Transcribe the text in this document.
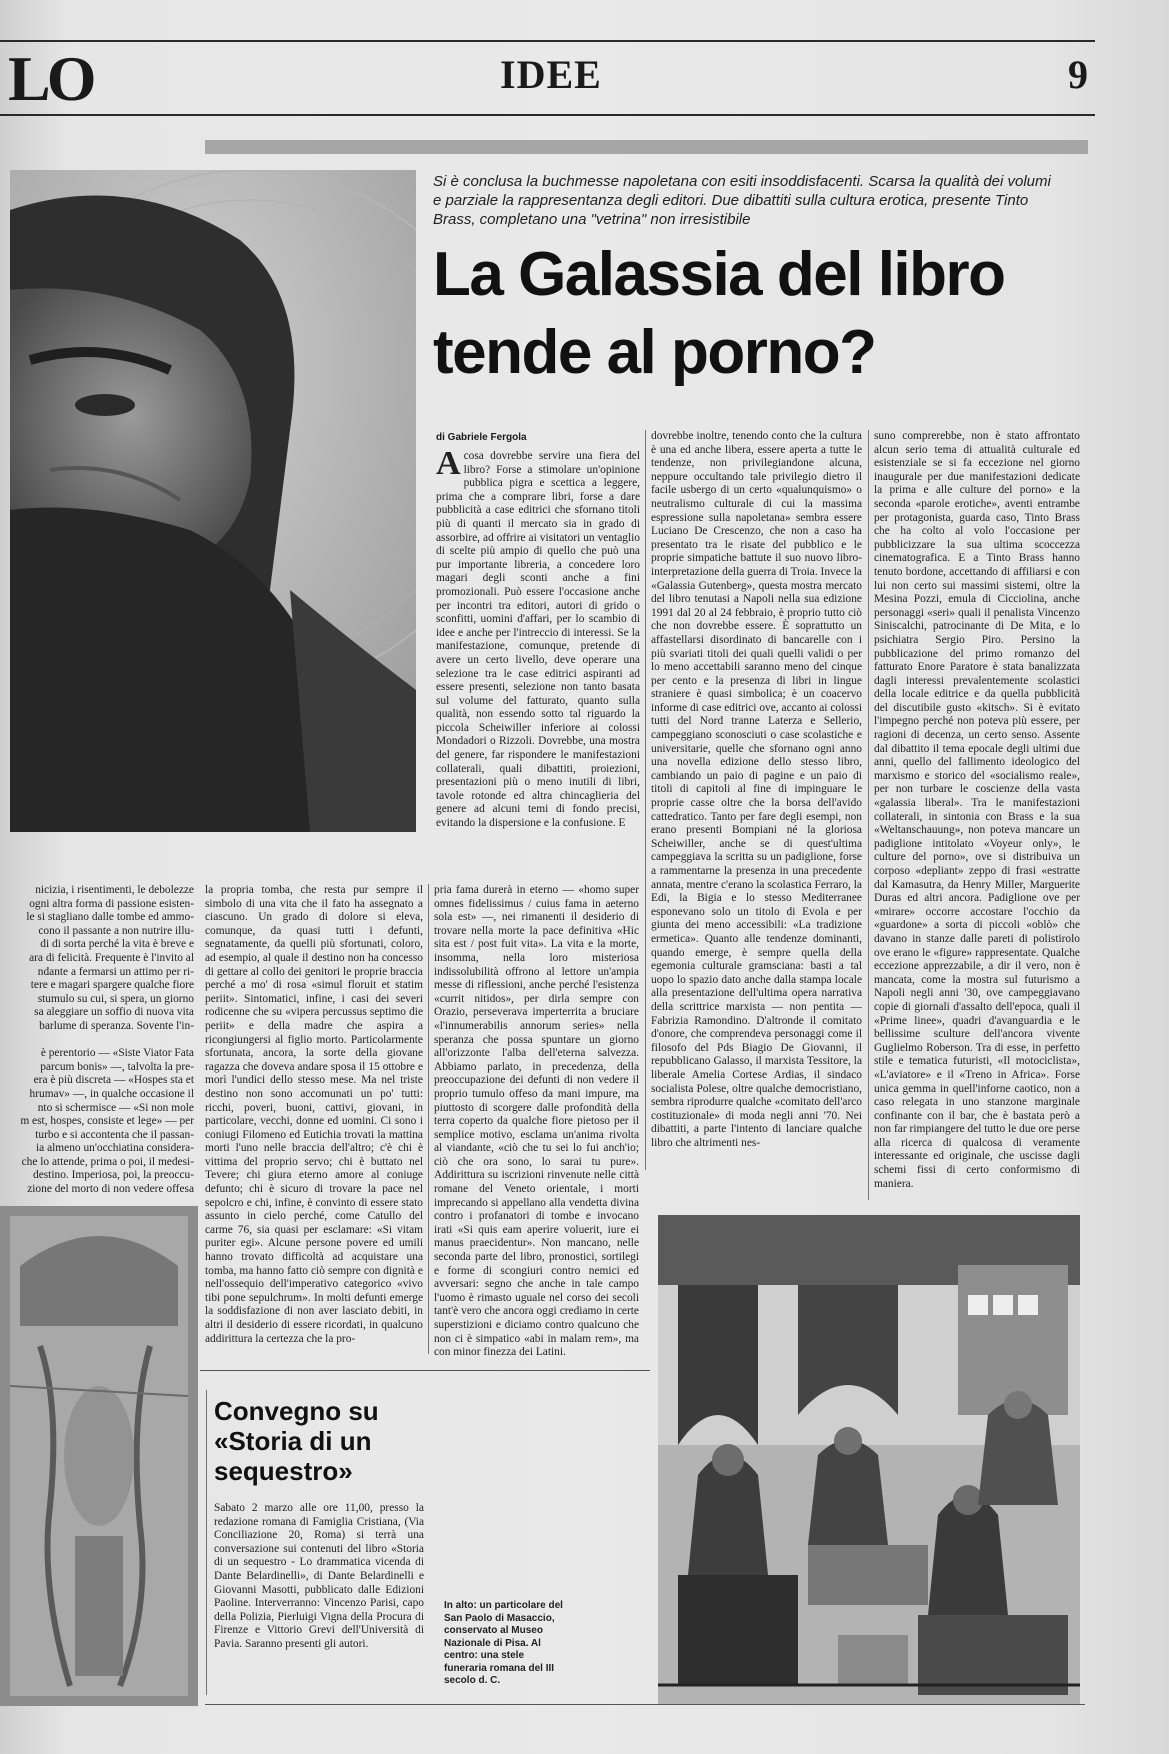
LO	IDEE	9
Si è conclusa la buchmesse napoletana con esiti insoddisfacenti. Scarsa la qualità dei volumi e parziale la rappresentanza degli editori. Due dibattiti sulla cultura erotica, presente Tinto Brass, completano una "vetrina" non irresistibile
La Galassia del libro
tende al porno?
di Gabriele Fergola
Acosa dovrebbe servire una fiera del libro? Forse a stimolare un'opinione pubblica pigra e scettica a leggere, prima che a comprare libri, forse a dare pubblicità a case editrici che sfornano titoli più di quanti il mercato sia in grado di assorbire, ad offrire ai visitatori un ventaglio di scelte più ampio di quello che può una pur importante libreria, a concedere loro magari degli sconti anche a fini promozionali. Può essere l'occasione anche per incontri tra editori, autori di grido o sconfitti, uomini d'affari, per lo scambio di idee e anche per l'intreccio di interessi. Se la manifestazione, comunque, pretende di avere un certo livello, deve operare una selezione tra le case editrici aspiranti ad essere presenti, selezione non tanto basata sul volume del fatturato, quanto sulla qualità, non essendo sotto tal riguardo la piccola Scheiwiller inferiore ai colossi Mondadori o Rizzoli. Dovrebbe, una mostra del genere, far rispondere le manifestazioni collaterali, quali dibattiti, proiezioni, presentazioni più o meno inutili di libri, tavole rotonde ed altra chincaglieria del genere ad alcuni temi di fondo precisi, evitando la dispersione e la confusione. E
dovrebbe inoltre, tenendo conto che la cultura è una ed anche libera, essere aperta a tutte le tendenze, non privilegiandone alcuna, neppure occultando tale privilegio dietro il facile usbergo di un certo «qualunquismo» o neutralismo culturale di cui la massima espressione sulla napoletana» sembra essere Luciano De Crescenzo, che non a caso ha presentato tra le risate del pubblico e le proprie simpatiche battute il suo nuovo libro-interpretazione della guerra di Troia. Invece la «Galassia Gutenberg», questa mostra mercato del libro tenutasi a Napoli nella sua edizione 1991 dal 20 al 24 febbraio, è proprio tutto ciò che non dovrebbe essere. È soprattutto un affastellarsi disordinato di bancarelle con i più svariati titoli dei quali quelli validi o per lo meno accettabili saranno meno del cinque per cento e la presenza di libri in lingue straniere è quasi simbolica; è un coacervo informe di case editrici ove, accanto ai colossi tutti del Nord tranne Laterza e Sellerio, campeggiano sconosciuti o case scolastiche e universitarie, quelle che sfornano ogni anno una novella edizione dello stesso libro, cambiando un paio di pagine e un paio di titoli di capitoli al fine di impinguare le proprie casse oltre che la borsa dell'avido cattedratico. Tanto per fare degli esempi, non erano presenti Bompiani né la gloriosa Scheiwiller, anche se di quest'ultima campeggiava la scritta su un padiglione, forse a rammentarne la presenza in una precedente annata, mentre c'erano la scolastica Ferraro, la Edi, la Bigia e lo stesso Mediterranee esponevano solo un titolo di Evola e per giunta dei meno accessibili: «La tradizione ermetica». Quanto alle tendenze dominanti, quando emerge, è sempre quella della egemonia culturale gramsciana: basti a tal uopo lo spazio dato anche dalla stampa locale alla presentazione dell'ultima opera narrativa della scrittrice marxista — non pentita — Fabrizia Ramondino. D'altronde il comitato d'onore, che comprendeva personaggi come il filosofo del Pds Biagio De Giovanni, il repubblicano Galasso, il marxista Tessitore, la liberale Amelia Cortese Ardias, il sindaco socialista Polese, oltre qualche democristiano, sembra riprodurre qualche «comitato dell'arco costituzionale» di moda negli anni '70. Nei dibattiti, a parte l'intento di lanciare qualche libro che altrimenti nes-
suno comprerebbe, non è stato affrontato alcun serio tema di attualità culturale ed esistenziale se si fa eccezione nel giorno inaugurale per due manifestazioni dedicate la prima e alle culture del porno» e la seconda «parole erotiche», aventi entrambe per protagonista, guarda caso, Tinto Brass che ha colto al volo l'occasione per pubblicizzare la sua ultima scoccezza cinematografica. E a Tinto Brass hanno tenuto bordone, accettando di affiliarsi e con lui non certo sui massimi sistemi, oltre la Mesina Pozzi, emula di Cicciolina, anche personaggi «seri» quali il penalista Vincenzo Siniscalchi, patrocinante di De Mita, e lo psichiatra Sergio Piro. Persino la pubblicazione del primo romanzo del fatturato Enore Paratore è stata banalizzata dagli interessi prevalentemente scolastici della locale editrice e da quella pubblicità del discutibile gusto «kitsch». Si è evitato l'impegno perché non poteva più essere, per ragioni di decenza, un certo senso. Assente dal dibattito il tema epocale degli ultimi due anni, quello del fallimento ideologico del marxismo e storico del «socialismo reale», per non turbare le coscienze della vasta «galassia liberal». Tra le manifestazioni collaterali, in sintonia con Brass e la sua «Weltanschauung», non poteva mancare un padiglione intitolato «Voyeur only», le culture del porno», ove si distribuiva un corposo «depliant» zeppo di frasi «estratte dal Kamasutra, da Henry Miller, Marguerite Duras ed altri ancora. Padiglione ove per «mirare» occorre accostare l'occhio da «guardone» a sorta di piccoli «oblò» che davano in stanze dalle pareti di polistirolo ove erano le «figure» rappresentate. Qualche eccezione apprezzabile, a dir il vero, non è mancata, come la mostra sul futurismo a Napoli negli anni '30, ove campeggiavano copie di giornali d'assalto dell'epoca, quali il «Prime linee», quadri d'avanguardia e le bellissime sculture dell'ancora vivente Guglielmo Roberson. Tra di esse, in perfetto stile e tematica futuristi, «Il motociclista», «L'aviatore» e il «Treno in Africa». Forse unica gemma in quell'inforne caotico, non a caso relegata in uno stanzone marginale confinante con il bar, che è bastata però a non far rimpiangere del tutto le due ore perse alla ricerca di qualcosa di veramente interessante ed originale, che uscisse dagli schemi fissi di certo conformismo di maniera.
nicizia, i risentimenti, le debolezze
ogni altra forma di passione esisten-
le si stagliano dalle tombe ed ammo-
cono il passante a non nutrire illu-
di di sorta perché la vita è breve e
ara di felicità. Frequente è l'invito al
ndante a fermarsi un attimo per ri-
tere e magari spargere qualche fiore
stumulo su cui, si spera, un giorno
sa aleggiare un soffio di nuova vita
barlume di speranza. Sovente l'in-

è perentorio — «Siste Viator Fata
parcum bonis» —, talvolta la pre-
era è più discreta — «Hospes sta et
hrumav» —, in qualche occasione il
nto si schermisce — «Si non mole
m est, hospes, consiste et lege» — per
turbo e si accontenta che il passan-
ia almeno un'occhiatina considera-
che lo attende, prima o poi, il medesi-
destino. Imperiosa, poi, la preoccu-
zione del morto di non vedere offesa
la propria tomba, che resta pur sempre il simbolo di una vita che il fato ha assegnato a ciascuno. Un grado di dolore si eleva, comunque, da quasi tutti i defunti, segnatamente, da quelli più sfortunati, coloro, ad esempio, al quale il destino non ha concesso di gettare al collo dei genitori le proprie braccia perché a mo' di rosa «simul floruit et statim periit». Sintomatici, infine, i casi dei severi rodicenne che su «vipera percussus septimo die periit» e della madre che aspira a ricongiungersi al figlio morto. Particolarmente sfortunata, ancora, la sorte della giovane ragazza che doveva andare sposa il 15 ottobre e morì l'undici dello stesso mese. Ma nel triste destino non sono accomunati un po' tutti: ricchi, poveri, buoni, cattivi, giovani, in particolare, vecchi, donne ed uomini. Ci sono i coniugi Filomeno ed Eutichia trovati la mattina morti l'uno nelle braccia dell'altro; c'è chi è vittima del proprio servo; chi è buttato nel Tevere; chi giura eterno amore al coniuge defunto; chi è sicuro di trovare la pace nel sepolcro e chi, infine, è convinto di essere stato assunto in cielo perché, come Catullo del carme 76, sia quasi per esclamare: «Si vitam puriter egi». Alcune persone povere ed umili hanno trovato difficoltà ad acquistare una tomba, ma hanno fatto ciò sempre con dignità e nell'ossequio dell'imperativo categorico «vivo tibi pone sepulchrum». In molti defunti emerge la soddisfazione di non aver lasciato debiti, in altri il desiderio di essere ricordati, in qualcuno addirittura la certezza che la pro-
pria fama durerà in eterno — «homo super omnes fidelissimus / cuius fama in aeterno sola est» —, nei rimanenti il desiderio di trovare nella morte la pace definitiva «Hic sita est / post fuit vita». La vita e la morte, insomma, nella loro misteriosa indissolubilità offrono al lettore un'ampia messe di riflessioni, anche perché l'esistenza «currit nitidos», per dirla sempre con Orazio, perseverava imperterrita a bruciare «l'innumerabilis annorum series» nella speranza che possa spuntare un giorno all'orizzonte l'alba dell'eterna salvezza. Abbiamo parlato, in precedenza, della preoccupazione dei defunti di non vedere il proprio tumulo offeso da mani impure, ma piuttosto di scorgere dalle profondità della terra coperto da qualche fiore pietoso per il semplice motivo, esclama un'anima rivolta al viandante, «ciò che tu sei lo fui anch'io; ciò che ora sono, lo sarai tu pure». Addirittura su iscrizioni rinvenute nelle città romane del Veneto orientale, i morti imprecando si appellano alla vendetta divina contro i profanatori di tombe e invocano irati «Si quis eam aperire voluerit, iure ei manus praecidentur». Non mancano, nelle seconda parte del libro, pronostici, sortilegi e forme di scongiuri contro nemici ed avversari: segno che anche in tale campo l'uomo è rimasto uguale nel corso dei secoli tant'è vero che ancora oggi crediamo in certe superstizioni e diciamo contro qualcuno che non ci è simpatico «abi in malam rem», ma con minor finezza dei Latini.
Convegno su «Storia di un sequestro»
Sabato 2 marzo alle ore 11,00, presso la redazione romana di Famiglia Cristiana, (Via Conciliazione 20, Roma) si terrà una conversazione sui contenuti del libro «Storia di un sequestro - Lo drammatica vicenda di Dante Belardinelli», di Dante Belardinelli e Giovanni Masotti, pubblicato dalle Edizioni Paoline. Interverranno: Vincenzo Parisi, capo della Polizia, Pierluigi Vigna della Procura di Firenze e Vittorio Grevi dell'Università di Pavia. Saranno presenti gli autori.
In alto: un particolare del San Paolo di Masaccio, conservato al Museo Nazionale di Pisa. Al centro: una stele funeraria romana del III secolo d. C.
